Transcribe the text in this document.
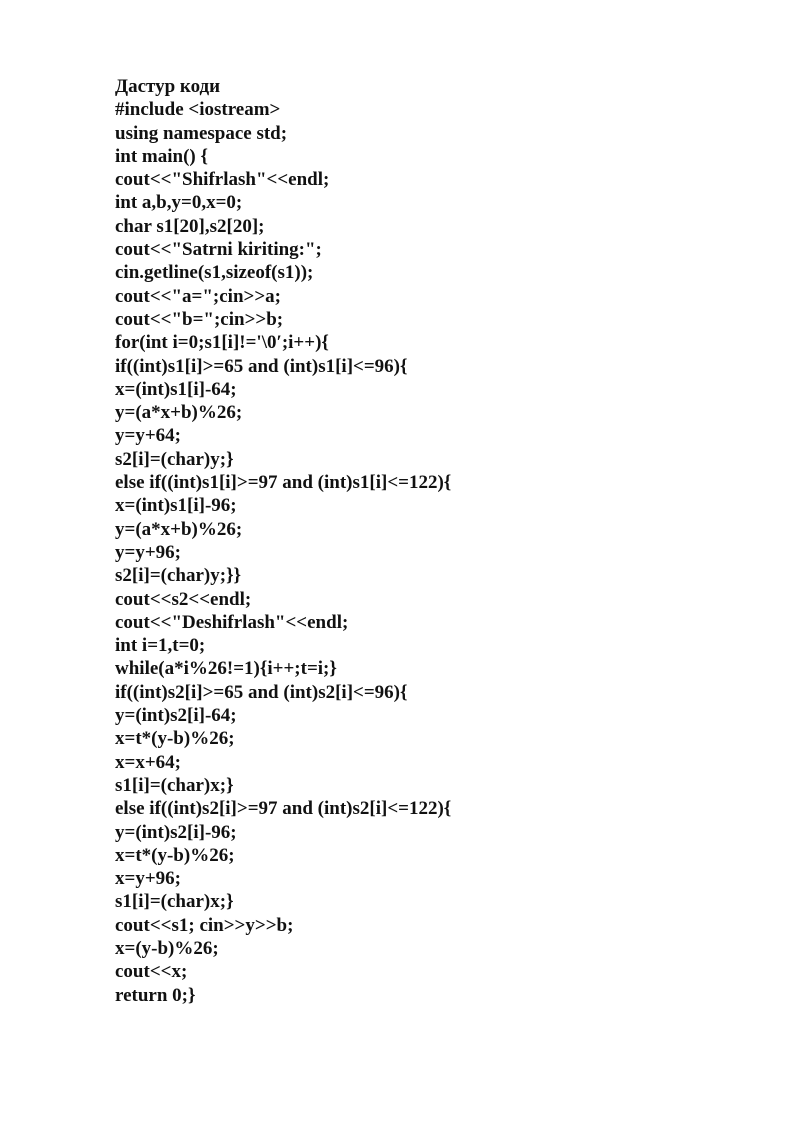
Дастур коди
#include <iostream>
using namespace std;
int main() {
cout<<"Shifrlash"<<endl;
int a,b,y=0,x=0;
char s1[20],s2[20];
cout<<"Satrni kiriting:";
cin.getline(s1,sizeof(s1));
cout<<"a=";cin>>a;
cout<<"b=";cin>>b;
for(int i=0;s1[i]!='\0′;i++){
if((int)s1[i]>=65 and (int)s1[i]<=96){
x=(int)s1[i]-64;
y=(a*x+b)%26;
y=y+64;
s2[i]=(char)y;}
else if((int)s1[i]>=97 and (int)s1[i]<=122){
x=(int)s1[i]-96;
y=(a*x+b)%26;
y=y+96;
s2[i]=(char)y;}}
cout<<s2<<endl;
cout<<"Deshifrlash"<<endl;
int i=1,t=0;
while(a*i%26!=1){i++;t=i;}
if((int)s2[i]>=65 and (int)s2[i]<=96){
y=(int)s2[i]-64;
x=t*(y-b)%26;
x=x+64;
s1[i]=(char)x;}
else if((int)s2[i]>=97 and (int)s2[i]<=122){
y=(int)s2[i]-96;
x=t*(y-b)%26;
x=y+96;
s1[i]=(char)x;}
cout<<s1; cin>>y>>b;
x=(y-b)%26;
cout<<x;
return 0;}
